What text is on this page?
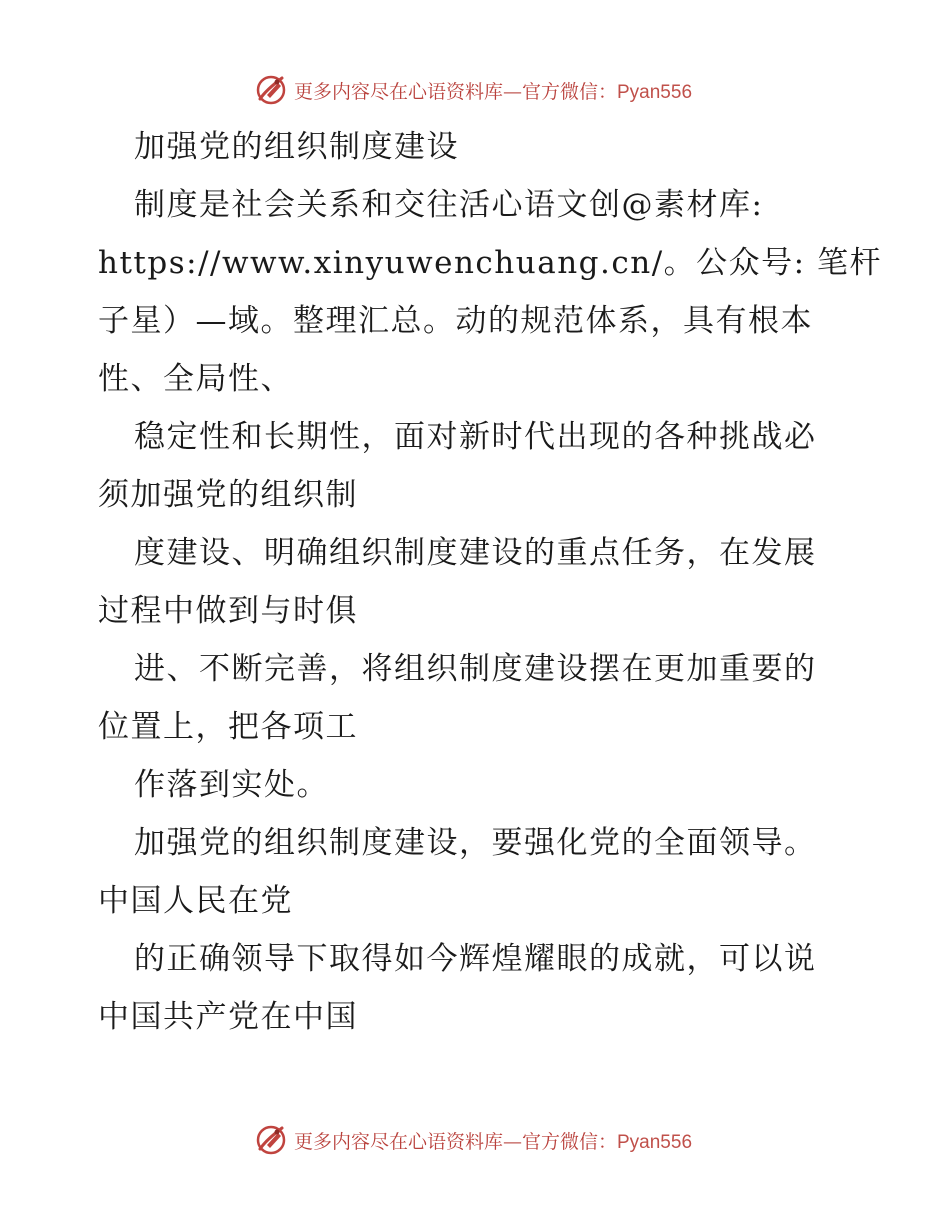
更多内容尽在心语资料库—官方微信：Pyan556
加强党的组织制度建设
制度是社会关系和交往活心语文创@素材库:
https://www.xinyuwenchuang.cn/。公众号: 笔杆
子星）—域。整理汇总。动的规范体系，具有根本
性、全局性、
稳定性和长期性，面对新时代出现的各种挑战必
须加强党的组织制
度建设、明确组织制度建设的重点任务，在发展
过程中做到与时俱
进、不断完善，将组织制度建设摆在更加重要的
位置上，把各项工
作落到实处。
加强党的组织制度建设，要强化党的全面领导。
中国人民在党
的正确领导下取得如今辉煌耀眼的成就，可以说
中国共产党在中国
更多内容尽在心语资料库—官方微信：Pyan556
